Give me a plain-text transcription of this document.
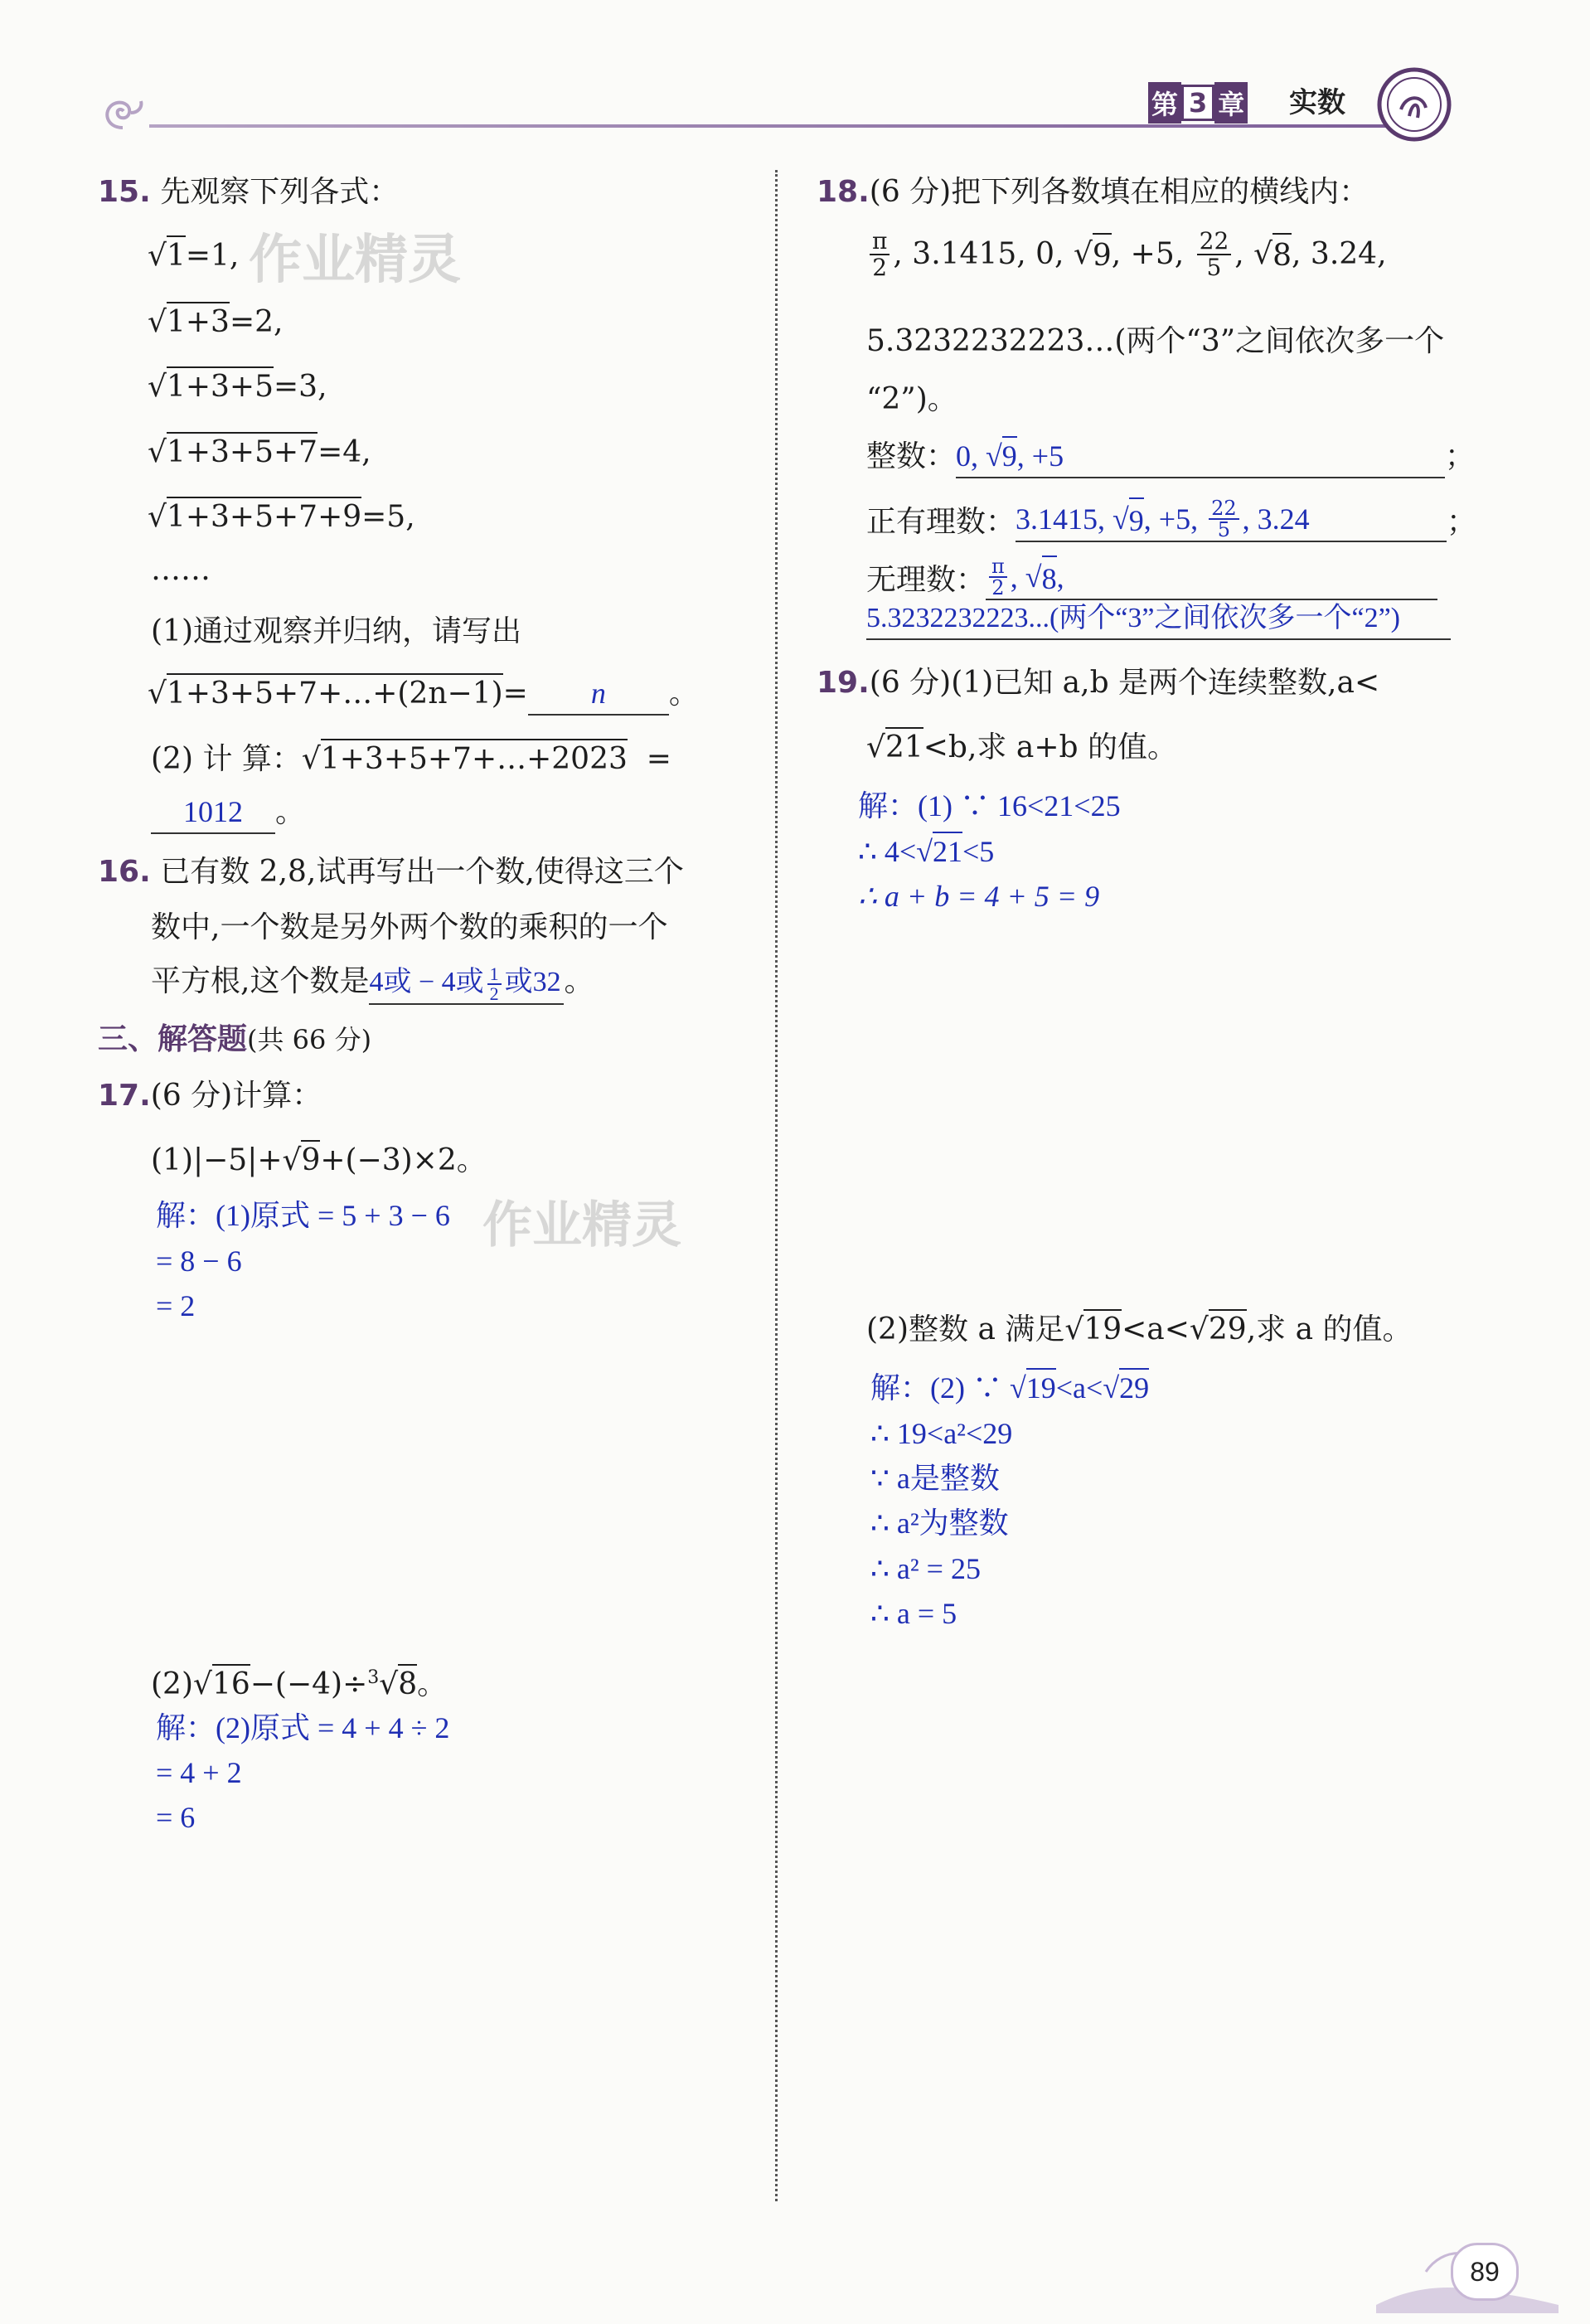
第 3 章 实数
15. 先观察下列各式：
作业精灵
√1=1,
√1+3=2,
√1+3+5=3,
√1+3+5+7=4,
√1+3+5+7+9=5,
……
(1)通过观察并归纳，请写出
√1+3+5+7+…+(2n−1)= n 。
(2) 计 算：√1+3+5+7+…+2023 =
1012 。
16. 已有数 2,8,试再写出一个数,使得这三个
数中,一个数是另外两个数的乘积的一个
平方根,这个数是4或 − 4或 $\frac{1}{2}$ 或32 。
三、解答题(共 66 分)
17.(6 分)计算：
(1)|−5|+√9+(−3)×2。
解：(1)原式 = 5 + 3 − 6 作业精灵
= 8 − 6
= 2
(2)√16−(−4)÷$^3$√8。
解：(2)原式 = 4 + 4 ÷ 2
= 4 + 2
= 6
18.(6 分)把下列各数填在相应的横线内：
$\frac{\pi}{2}$ , 3.1415, 0, √ 9 , +5, $\frac{22}{5}$ , √ 8 , 3.24,
5.3232232223…(两个“3”之间依次多一个
“2”)。
整数：0, √9, +5	；
正有理数： 3.1415, √ 9 , +5, $\frac{22}{5}$ , 3.24	；
无理数： $\frac{\pi}{2}$ , √ 8 ,
5.3232232223...(两个“3”之间依次多一个“2”)
19.(6 分)(1)已知 a,b 是两个连续整数,a<
√21<b,求 a+b 的值。
解：(1) ∵ 16<21<25
∴ 4<√21<5
∴ a + b = 4 + 5 = 9
(2)整数 a 满足√19<a<√29,求 a 的值。
解：(2) ∵ √19<a<√29
∴ 19<a²<29
∵ a是整数
∴ a²为整数
∴ a² = 25
∴ a = 5
89
